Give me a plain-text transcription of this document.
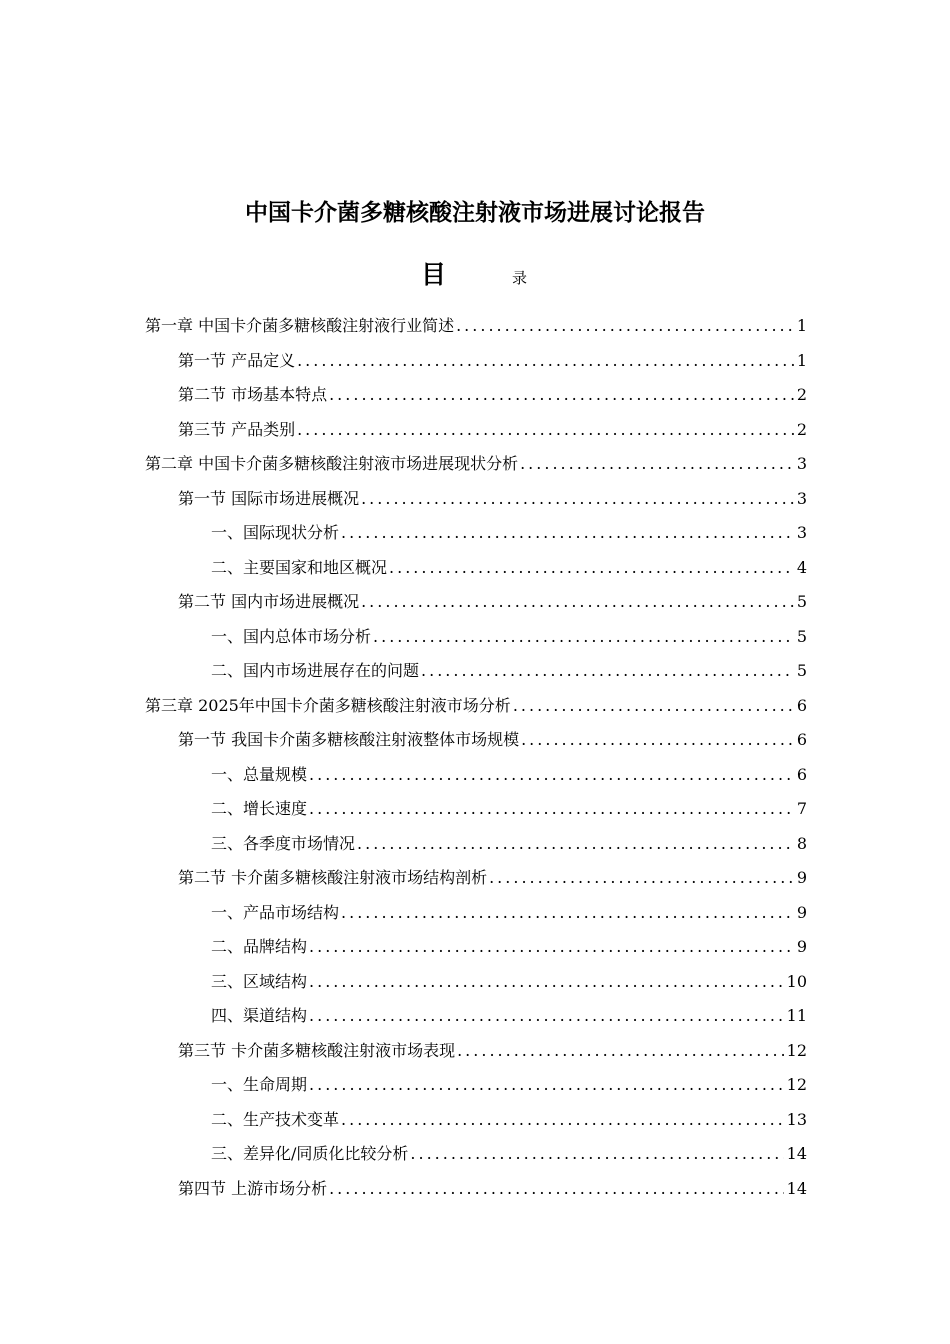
中国卡介菌多糖核酸注射液市场进展讨论报告
目	录
第一章 中国卡介菌多糖核酸注射液行业简述 .....	1
第一节 产品定义 .....	1
第二节 市场基本特点 .....	2
第三节 产品类别 .....	2
第二章 中国卡介菌多糖核酸注射液市场进展现状分析 .....	3
第一节 国际市场进展概况 .....	3
一、国际现状分析 .....	3
二、主要国家和地区概况 .....	4
第二节 国内市场进展概况 .....	5
一、国内总体市场分析 .....	5
二、国内市场进展存在的问题 .....	5
第三章 2025年中国卡介菌多糖核酸注射液市场分析 .....	6
第一节 我国卡介菌多糖核酸注射液整体市场规模 .....	6
一、总量规模 .....	6
二、增长速度 .....	7
三、各季度市场情况 .....	8
第二节 卡介菌多糖核酸注射液市场结构剖析 .....	9
一、产品市场结构 .....	9
二、品牌结构 .....	9
三、区域结构 .....	10
四、渠道结构 .....	11
第三节 卡介菌多糖核酸注射液市场表现 .....	12
一、生命周期 .....	12
二、生产技术变革 .....	13
三、差异化/同质化比较分析 .....	14
第四节 上游市场分析 .....	14
